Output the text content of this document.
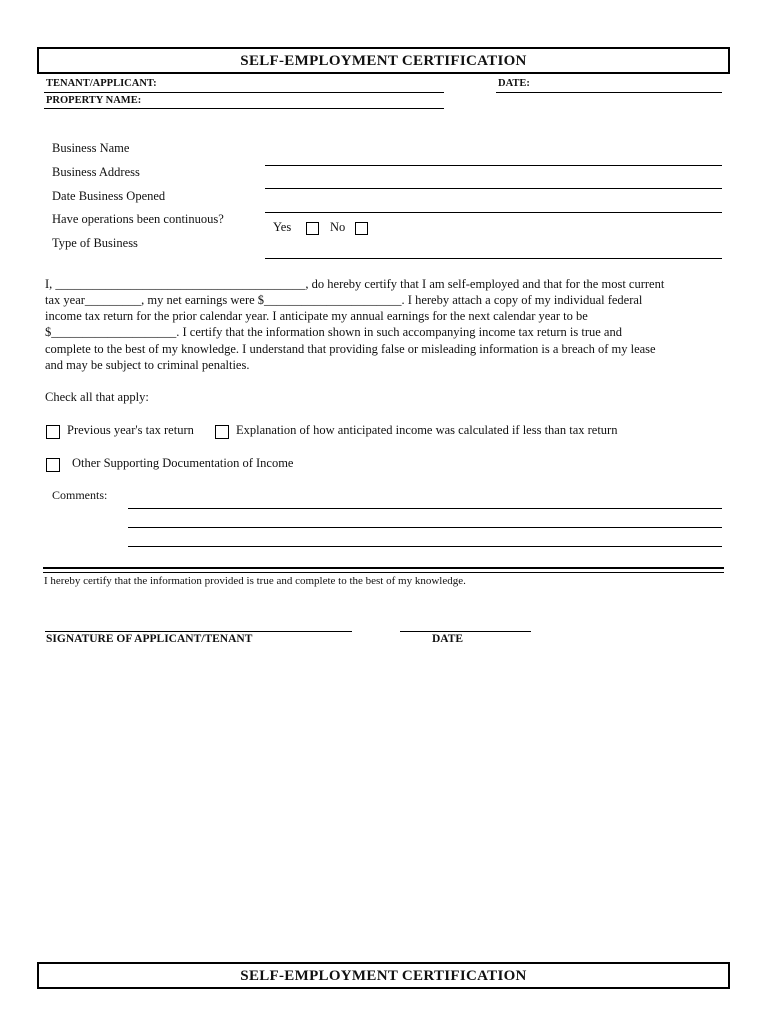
SELF-EMPLOYMENT CERTIFICATION
TENANT/APPLICANT:	DATE:
PROPERTY NAME:
Business Name
Business Address
Date Business Opened
Have operations been continuous?
Yes	No
Type of Business
I, ________________________________________, do hereby certify that I am self-employed and that for the most current
tax year_________, my net earnings were $______________________. I hereby attach a copy of my individual federal
income tax return for the prior calendar year. I anticipate my annual earnings for the next calendar year to be
$____________________. I certify that the information shown in such accompanying income tax return is true and
complete to the best of my knowledge. I understand that providing false or misleading information is a breach of my lease
and may be subject to criminal penalties.
Check all that apply:
Previous year's tax return	Explanation of how anticipated income was calculated if less than tax return
Other Supporting Documentation of Income
Comments:
I hereby certify that the information provided is true and complete to the best of my knowledge.
SIGNATURE OF APPLICANT/TENANT	DATE
SELF-EMPLOYMENT CERTIFICATION
